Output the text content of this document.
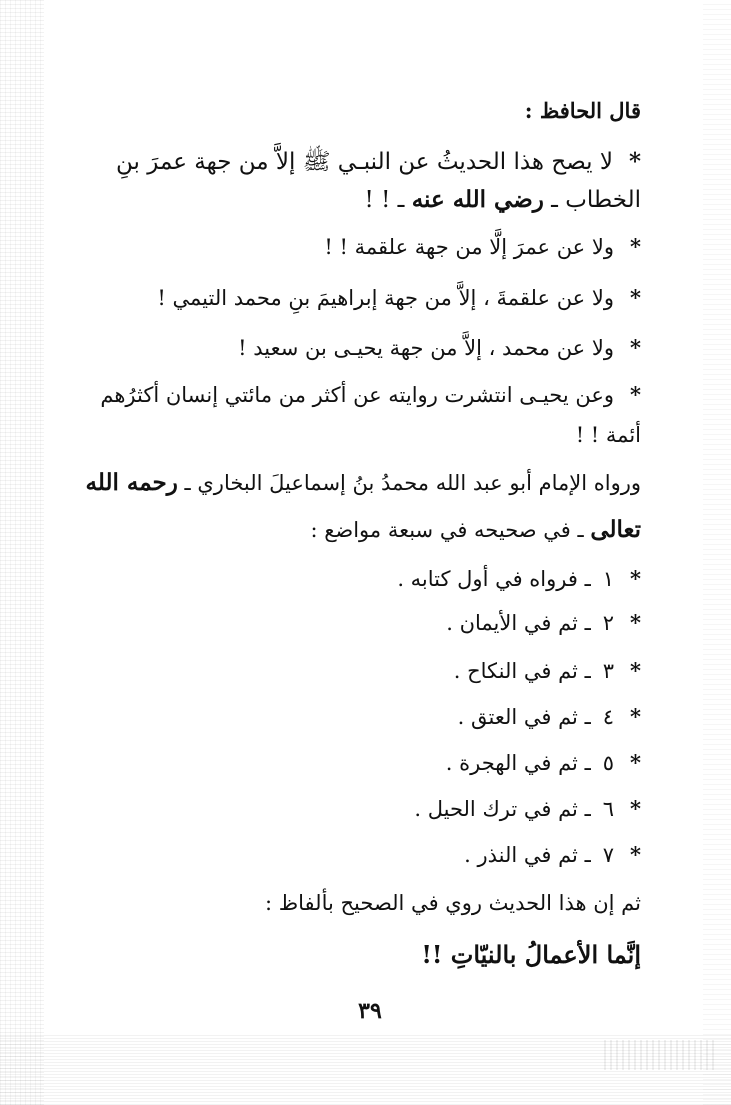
قال الحافظ :
*لا يصح هذا الحديثُ عن النبـي ﷺ إلاَّ من جهة عمرَ بنِ
الخطاب ـ رضي الله عنه ـ ! !
*ولا عن عمرَ إلَّا من جهة علقمة ! !
*ولا عن علقمةَ ، إلاَّ من جهة إبراهيمَ بنِ محمد التيمي !
*ولا عن محمد ، إلاَّ من جهة يحيـى بن سعيد !
*وعن يحيـى انتشرت روايته عن أكثر من مائتي إنسان أكثرُهم
أئمة ! !
ورواه الإمام أبو عبد الله محمدُ بنُ إسماعيلَ البخاري ـ رحمه الله
تعالى ـ في صحيحه في سبعة مواضع :
*١ـ فرواه في أول كتابه .
*٢ـ ثم في الأيمان .
*٣ـ ثم في النكاح .
*٤ـ ثم في العتق .
*٥ـ ثم في الهجرة .
*٦ـ ثم في ترك الحيل .
*٧ـ ثم في النذر .
ثم إن هذا الحديث روي في الصحيح بألفاظ :
إنَّما الأعمالُ بالنيّاتِ !!
٣٩
